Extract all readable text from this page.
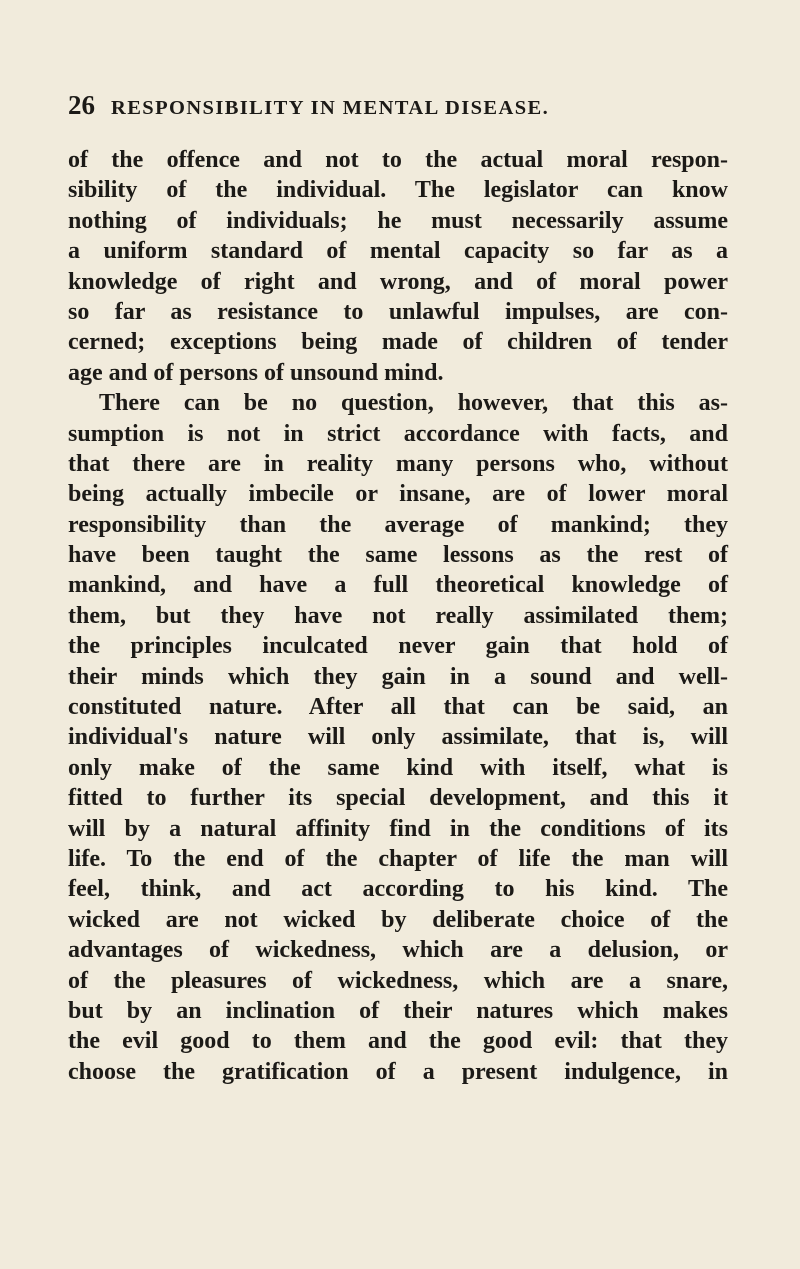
26 RESPONSIBILITY IN MENTAL DISEASE.
of the offence and not to the actual moral respon-
sibility of the individual. The legislator can know
nothing of individuals; he must necessarily assume
a uniform standard of mental capacity so far as a
knowledge of right and wrong, and of moral power
so far as resistance to unlawful impulses, are con-
cerned; exceptions being made of children of tender
age and of persons of unsound mind.
There can be no question, however, that this as-
sumption is not in strict accordance with facts, and
that there are in reality many persons who, without
being actually imbecile or insane, are of lower moral
responsibility than the average of mankind; they
have been taught the same lessons as the rest of
mankind, and have a full theoretical knowledge of
them, but they have not really assimilated them;
the principles inculcated never gain that hold of
their minds which they gain in a sound and well-
constituted nature. After all that can be said, an
individual's nature will only assimilate, that is, will
only make of the same kind with itself, what is
fitted to further its special development, and this it
will by a natural affinity find in the conditions of its
life. To the end of the chapter of life the man will
feel, think, and act according to his kind. The
wicked are not wicked by deliberate choice of the
advantages of wickedness, which are a delusion, or
of the pleasures of wickedness, which are a snare,
but by an inclination of their natures which makes
the evil good to them and the good evil: that they
choose the gratification of a present indulgence, in
